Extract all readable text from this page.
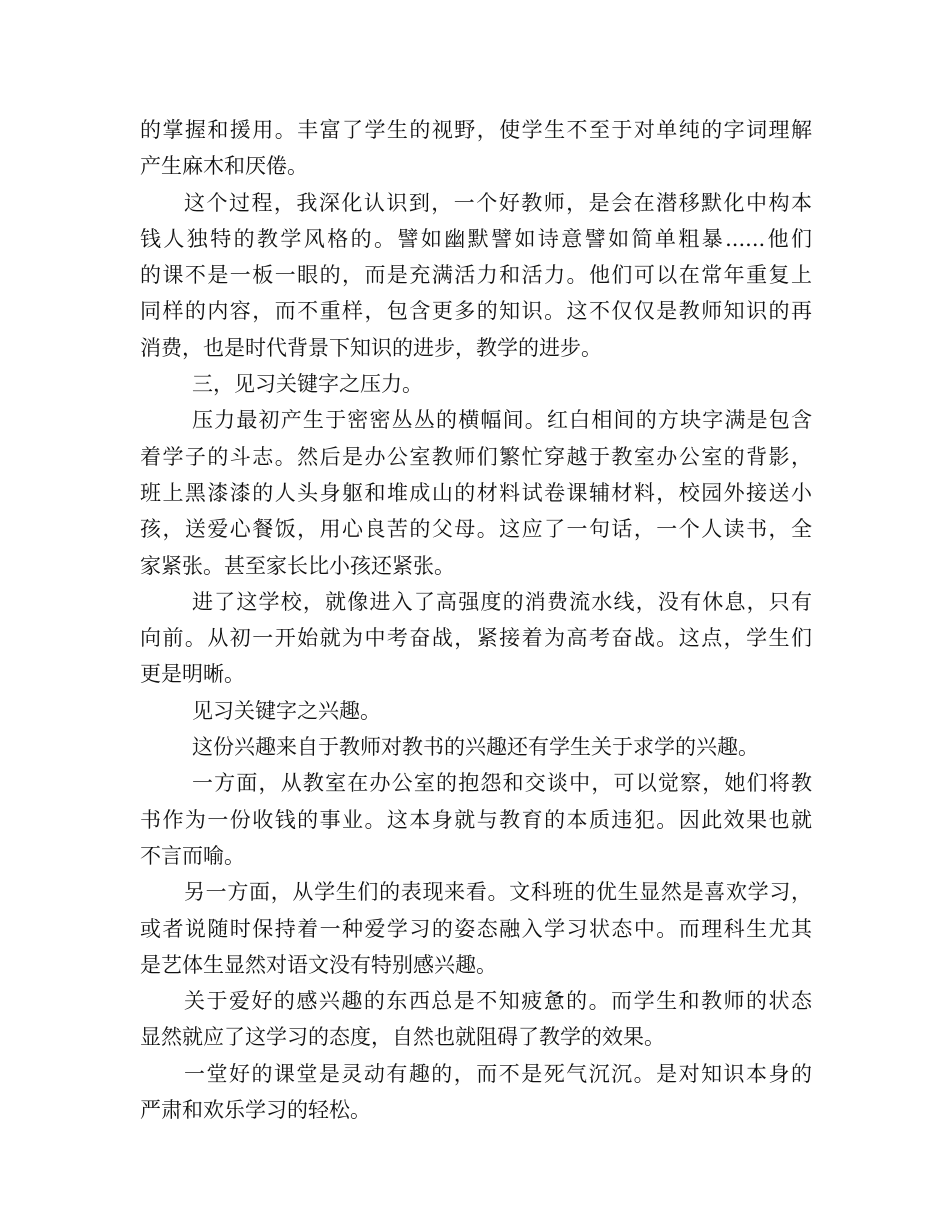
的掌握和援用。丰富了学生的视野，使学生不至于对单纯的字词理解
产生麻木和厌倦。
这个过程，我深化认识到，一个好教师，是会在潜移默化中构本
钱人独特的教学风格的。譬如幽默譬如诗意譬如简单粗暴......他们
的课不是一板一眼的，而是充满活力和活力。他们可以在常年重复上
同样的内容，而不重样，包含更多的知识。这不仅仅是教师知识的再
消费，也是时代背景下知识的进步，教学的进步。
三，见习关键字之压力。
压力最初产生于密密丛丛的横幅间。红白相间的方块字满是包含
着学子的斗志。然后是办公室教师们繁忙穿越于教室办公室的背影，
班上黑漆漆的人头身躯和堆成山的材料试卷课辅材料，校园外接送小
孩，送爱心餐饭，用心良苦的父母。这应了一句话，一个人读书，全
家紧张。甚至家长比小孩还紧张。
进了这学校，就像进入了高强度的消费流水线，没有休息，只有
向前。从初一开始就为中考奋战，紧接着为高考奋战。这点，学生们
更是明晰。
见习关键字之兴趣。
这份兴趣来自于教师对教书的兴趣还有学生关于求学的兴趣。
一方面，从教室在办公室的抱怨和交谈中，可以觉察，她们将教
书作为一份收钱的事业。这本身就与教育的本质违犯。因此效果也就
不言而喻。
另一方面，从学生们的表现来看。文科班的优生显然是喜欢学习，
或者说随时保持着一种爱学习的姿态融入学习状态中。而理科生尤其
是艺体生显然对语文没有特别感兴趣。
关于爱好的感兴趣的东西总是不知疲惫的。而学生和教师的状态
显然就应了这学习的态度，自然也就阻碍了教学的效果。
一堂好的课堂是灵动有趣的，而不是死气沉沉。是对知识本身的
严肃和欢乐学习的轻松。
